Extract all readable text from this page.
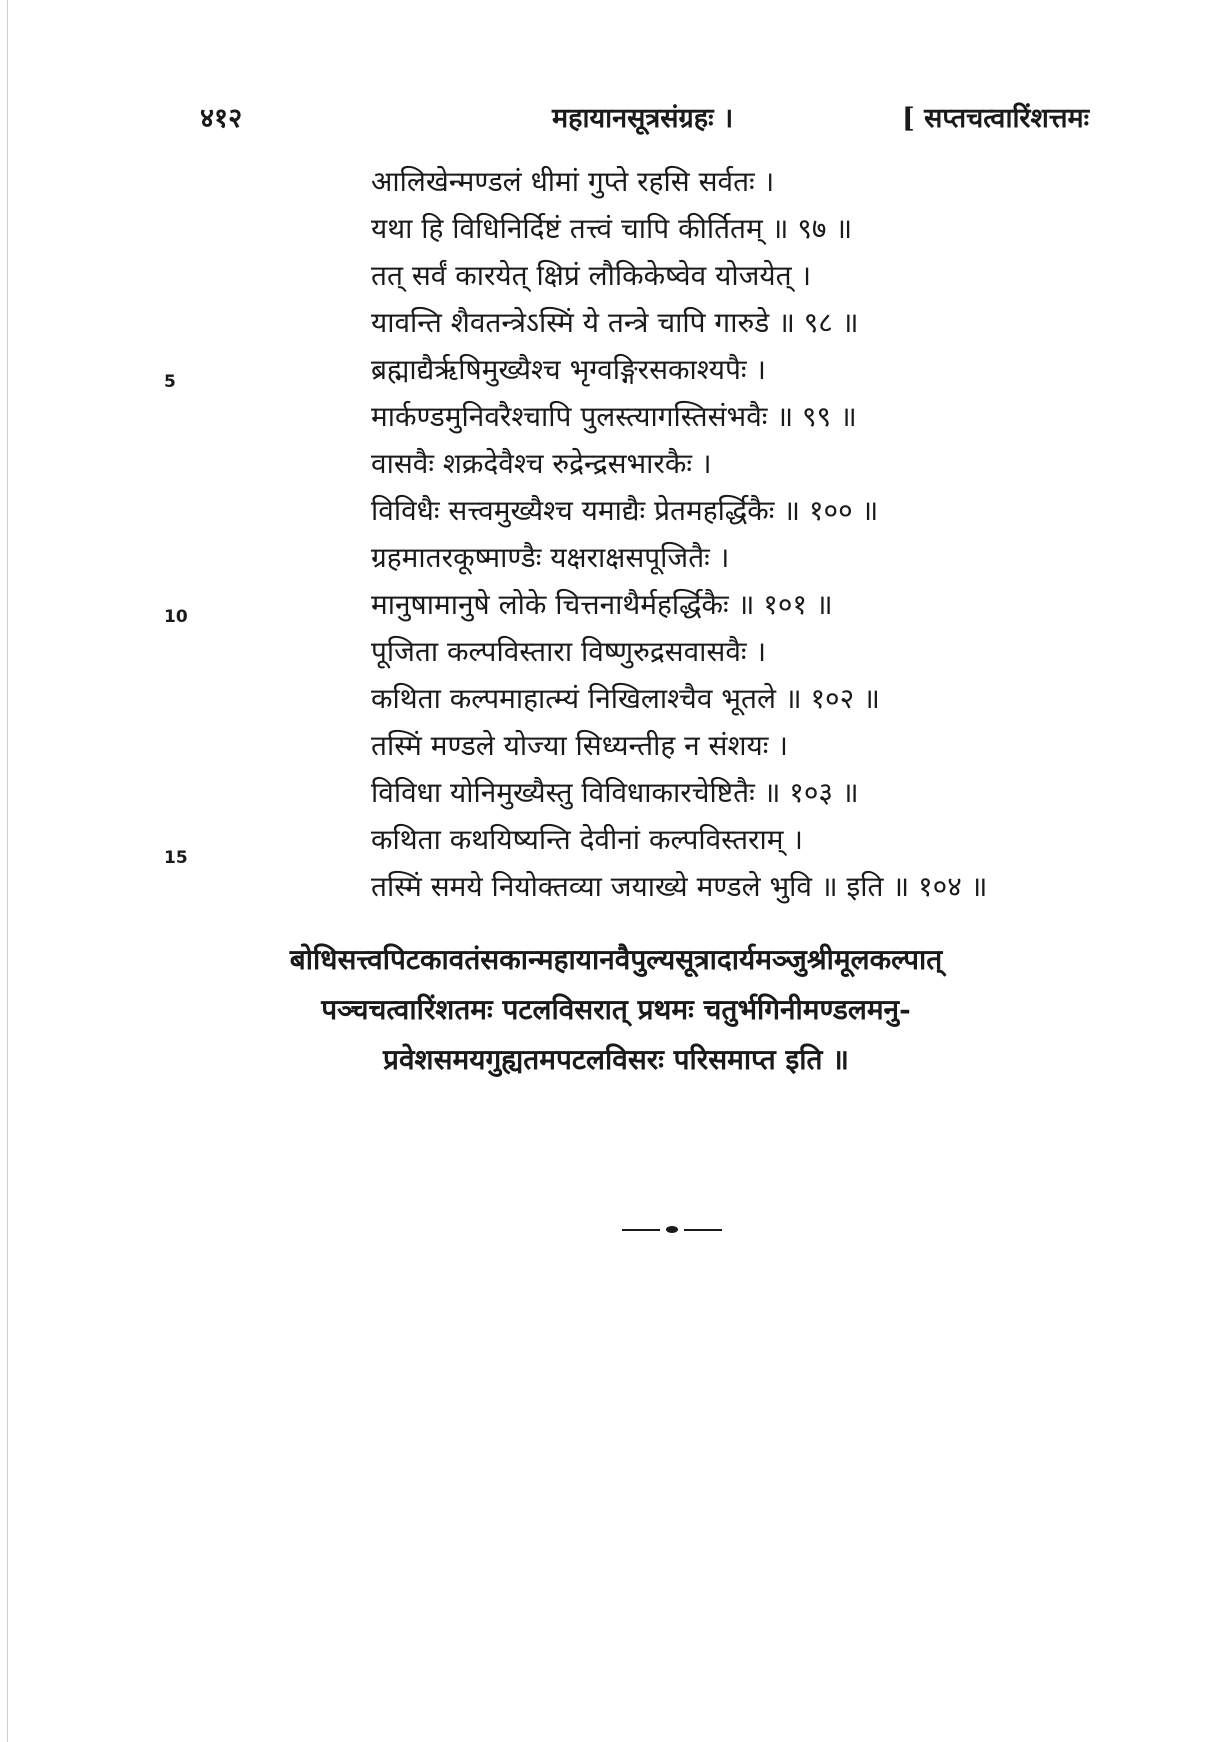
४१२	महायानसूत्रसंग्रहः ।	[ सप्तचत्वारिंशत्तमः
आलिखेन्मण्डलं धीमां गुप्ते रहसि सर्वतः ।
यथा हि विधिनिर्दिष्टं तत्त्वं चापि कीर्तितम् ॥ ९७ ॥
तत् सर्वं कारयेत् क्षिप्रं लौकिकेष्वेव योजयेत् ।
यावन्ति शैवतन्त्रेऽस्मिं ये तन्त्रे चापि गारुडे ॥ ९८ ॥
ब्रह्माद्यैर्ऋषिमुख्यैश्च भृग्वङ्गिरसकाश्यपैः ।
मार्कण्डमुनिवरैश्चापि पुलस्त्यागस्तिसंभवैः ॥ ९९ ॥
वासवैः शक्रदेवैश्च रुद्रेन्द्रसभारकैः ।
विविधैः सत्त्वमुख्यैश्च यमाद्यैः प्रेतमहर्द्धिकैः ॥ १०० ॥
ग्रहमातरकूष्माण्डैः यक्षराक्षसपूजितैः ।
मानुषामानुषे लोके चित्तनाथैर्महर्द्धिकैः ॥ १०१ ॥
पूजिता कल्पविस्तारा विष्णुरुद्रसवासवैः ।
कथिता कल्पमाहात्म्यं निखिलाश्चैव भूतले ॥ १०२ ॥
तस्मिं मण्डले योज्या सिध्यन्तीह न संशयः ।
विविधा योनिमुख्यैस्तु विविधाकारचेष्टितैः ॥ १०३ ॥
कथिता कथयिष्यन्ति देवीनां कल्पविस्तराम् ।
तस्मिं समये नियोक्तव्या जयाख्ये मण्डले भुवि ॥ इति ॥ १०४ ॥
5
10
15
बोधिसत्त्वपिटकावतंसकान्महायानवैपुल्यसूत्रादार्यमञ्जुश्रीमूलकल्पात्
पञ्चचत्वारिंशतमः पटलविसरात् प्रथमः चतुर्भगिनीमण्डलमनु-
प्रवेशसमयगुह्यतमपटलविसरः परिसमाप्त इति ॥
